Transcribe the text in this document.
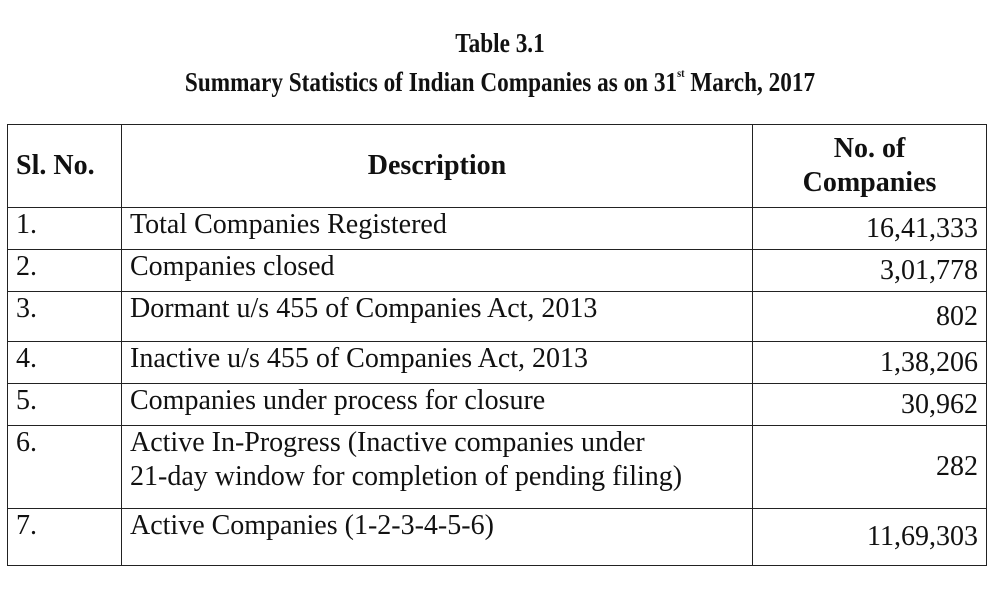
Table 3.1
Summary Statistics of Indian Companies as on 31st March, 2017
Sl. No.	Description	No. of
Companies
1.	Total Companies Registered	16,41,333
2.	Companies closed	3,01,778
3.	Dormant u/s 455 of Companies Act, 2013	802
4.	Inactive u/s 455 of Companies Act, 2013	1,38,206
5.	Companies under process for closure	30,962
6.	Active In-Progress (Inactive companies under
21-day window for completion of pending filing)	282
7.	Active Companies (1-2-3-4-5-6)	11,69,303
